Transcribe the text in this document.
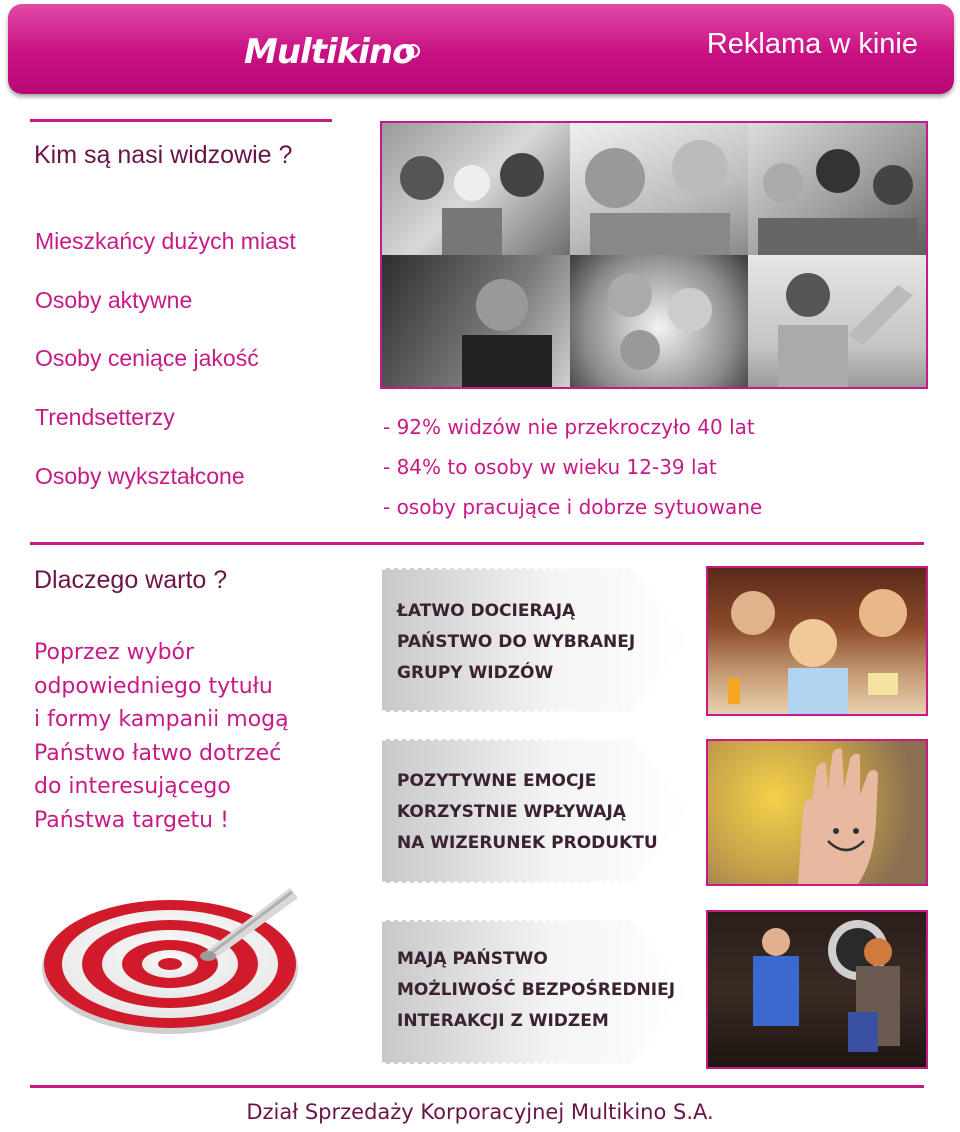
Multikino	Reklama w kinie
Kim są nasi widzowie ?
Mieszkańcy dużych miast
Osoby aktywne
Osoby ceniące jakość
Trendsetterzy
Osoby wykształcone
- 92% widzów nie przekroczyło 40 lat
- 84% to osoby w wieku 12-39 lat
- osoby pracujące i dobrze sytuowane
Dlaczego warto ?
Poprzez wybór
odpowiedniego tytułu
i formy kampanii mogą
Państwo łatwo dotrzeć
do interesującego
Państwa targetu !
ŁATWO DOCIERAJĄ
PAŃSTWO DO WYBRANEJ
GRUPY WIDZÓW
POZYTYWNE EMOCJE
KORZYSTNIE WPŁYWAJĄ
NA WIZERUNEK PRODUKTU
MAJĄ PAŃSTWO
MOŻLIWOŚĆ BEZPOŚREDNIEJ
INTERAKCJI Z WIDZEM
Dział Sprzedaży Korporacyjnej Multikino S.A.
